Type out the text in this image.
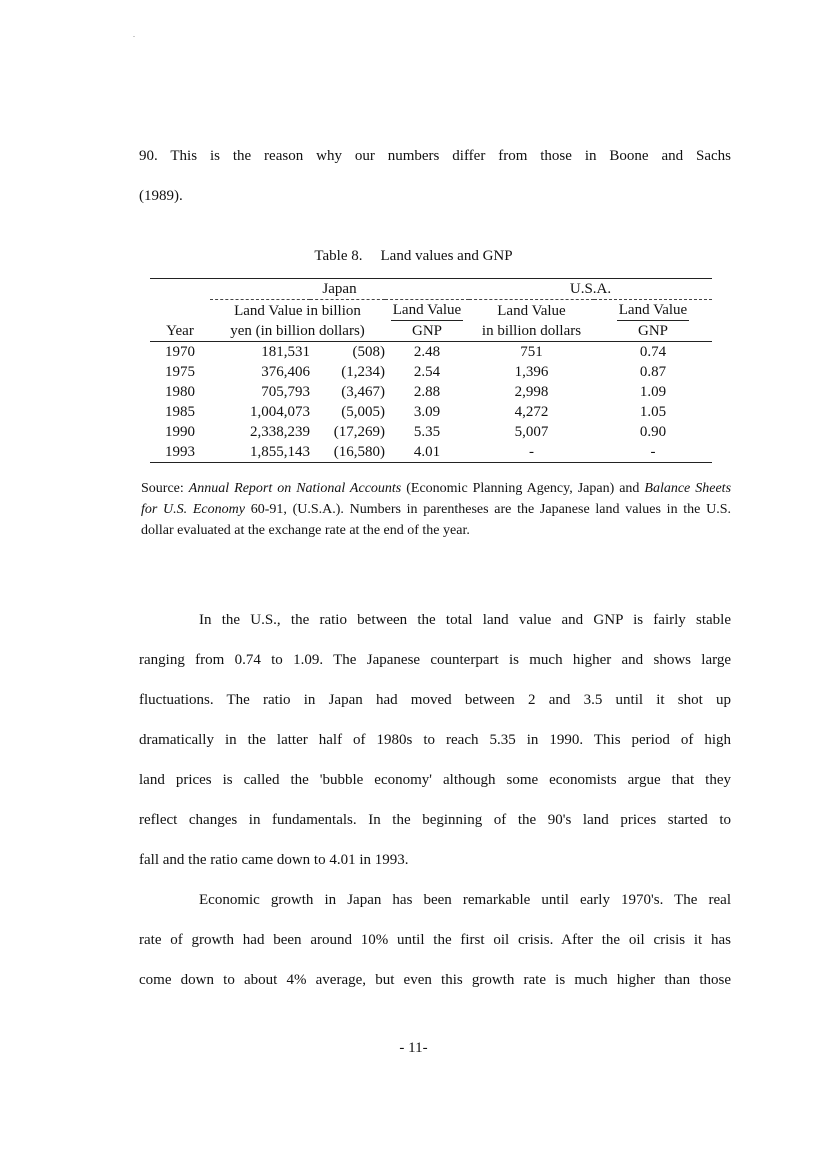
.
90. This is the reason why our numbers differ from those in Boone and Sachs
(1989).
Table 8. Land values and GNP
	Japan			U.S.A.	
	Land Value in billion		Land Value	Land Value	Land Value
Year	yen (in billion dollars)		GNP	in billion dollars	GNP
1970	181,531	(508)	2.48	751	0.74
1975	376,406	(1,234)	2.54	1,396	0.87
1980	705,793	(3,467)	2.88	2,998	1.09
1985	1,004,073	(5,005)	3.09	4,272	1.05
1990	2,338,239	(17,269)	5.35	5,007	0.90
1993	1,855,143	(16,580)	4.01	-	-
Source: Annual Report on National Accounts (Economic Planning Agency, Japan) and Balance Sheets for U.S. Economy 60-91, (U.S.A.). Numbers in parentheses are the Japanese land values in the U.S. dollar evaluated at the exchange rate at the end of the year.
In the U.S., the ratio between the total land value and GNP is fairly stable
ranging from 0.74 to 1.09. The Japanese counterpart is much higher and shows large
fluctuations. The ratio in Japan had moved between 2 and 3.5 until it shot up
dramatically in the latter half of 1980s to reach 5.35 in 1990. This period of high
land prices is called the 'bubble economy' although some economists argue that they
reflect changes in fundamentals. In the beginning of the 90's land prices started to
fall and the ratio came down to 4.01 in 1993.
Economic growth in Japan has been remarkable until early 1970's. The real
rate of growth had been around 10% until the first oil crisis. After the oil crisis it has
come down to about 4% average, but even this growth rate is much higher than those
- 11-
